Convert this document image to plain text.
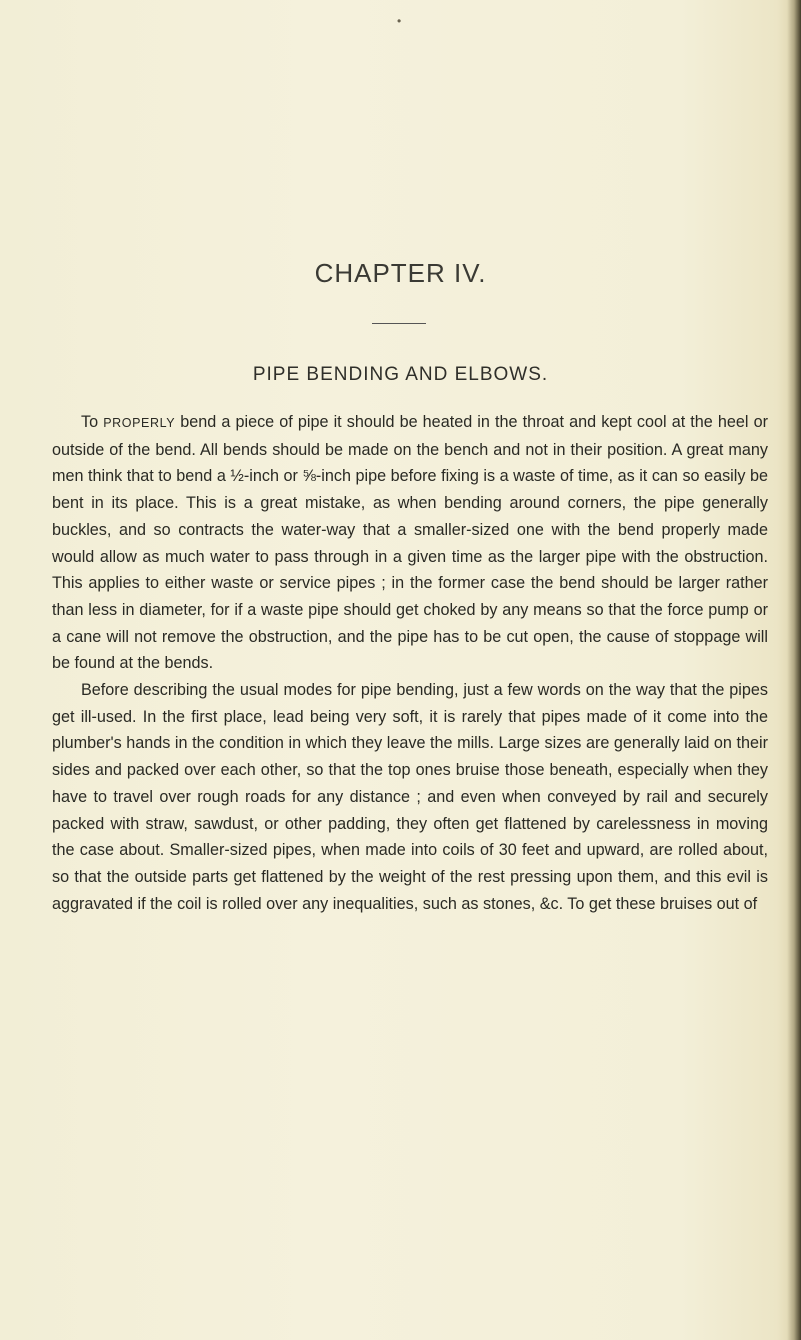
•
CHAPTER IV.
PIPE BENDING AND ELBOWS.

To PROPERLY bend a piece of pipe it should be heated in the throat and kept cool at the heel or outside of the bend. All bends should be made on the bench and not in their position. A great many men think that to bend a ½-inch or ⅝-inch pipe before fixing is a waste of time, as it can so easily be bent in its place. This is a great mistake, as when bending around corners, the pipe generally buckles, and so contracts the water-way that a smaller-sized one with the bend properly made would allow as much water to pass through in a given time as the larger pipe with the obstruction. This applies to either waste or service pipes ; in the former case the bend should be larger rather than less in diameter, for if a waste pipe should get choked by any means so that the force pump or a cane will not remove the obstruction, and the pipe has to be cut open, the cause of stoppage will be found at the bends.

Before describing the usual modes for pipe bending, just a few words on the way that the pipes get ill-used. In the first place, lead being very soft, it is rarely that pipes made of it come into the plumber's hands in the condition in which they leave the mills. Large sizes are generally laid on their sides and packed over each other, so that the top ones bruise those beneath, especially when they have to travel over rough roads for any distance ; and even when conveyed by rail and securely packed with straw, sawdust, or other padding, they often get flattened by carelessness in moving the case about. Smaller-sized pipes, when made into coils of 30 feet and upward, are rolled about, so that the outside parts get flattened by the weight of the rest pressing upon them, and this evil is aggravated if the coil is rolled over any inequalities, such as stones, &c. To get these bruises out of
